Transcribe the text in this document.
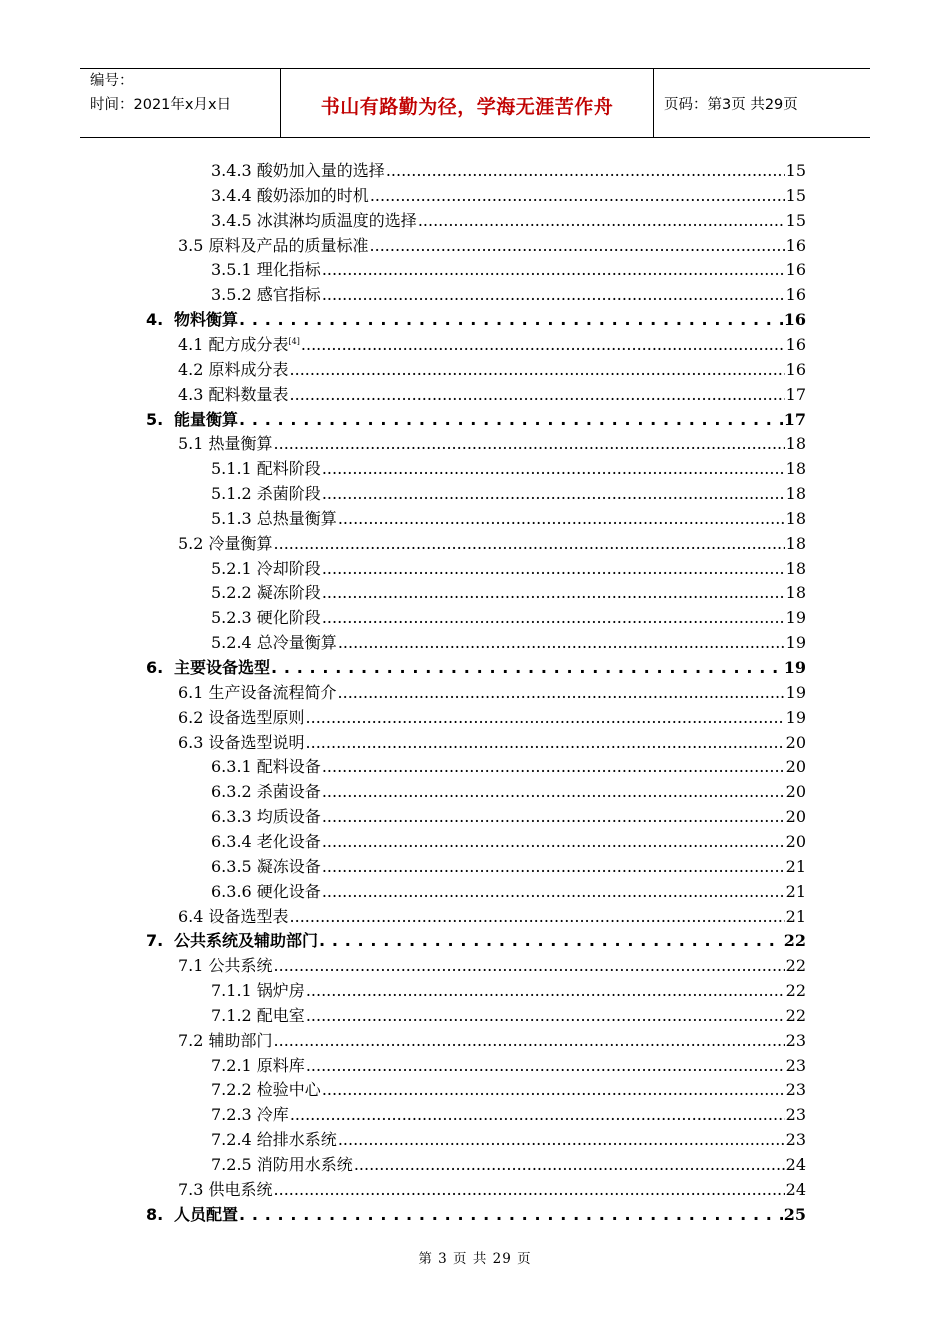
编号：
时间：2021年x月x日	书山有路勤为径，学海无涯苦作舟	页码：第3页 共29页
3.4.3 酸奶加入量的选择 .....	15
3.4.4 酸奶添加的时机 .....	15
3.4.5 冰淇淋均质温度的选择 .....	15
3.5 原料及产品的质量标准 .....	16
3.5.1 理化指标 .....	16
3.5.2 感官指标 .....	16
4. 物料衡算 . . .	16
4.1 配方成分表[4] .....	16
4.2 原料成分表 .....	16
4.3 配料数量表 .....	17
5. 能量衡算 . . .	17
5.1 热量衡算 .....	18
5.1.1 配料阶段 .....	18
5.1.2 杀菌阶段 .....	18
5.1.3 总热量衡算 .....	18
5.2 冷量衡算 .....	18
5.2.1 冷却阶段 .....	18
5.2.2 凝冻阶段 .....	18
5.2.3 硬化阶段 .....	19
5.2.4 总冷量衡算 .....	19
6. 主要设备选型 . . .	19
6.1 生产设备流程简介 .....	19
6.2 设备选型原则 .....	19
6.3 设备选型说明 .....	20
6.3.1 配料设备 .....	20
6.3.2 杀菌设备 .....	20
6.3.3 均质设备 .....	20
6.3.4 老化设备 .....	20
6.3.5 凝冻设备 .....	21
6.3.6 硬化设备 .....	21
6.4 设备选型表 .....	21
7. 公共系统及辅助部门 . . .	22
7.1 公共系统 .....	22
7.1.1 锅炉房 .....	22
7.1.2 配电室 .....	22
7.2 辅助部门 .....	23
7.2.1 原料库 .....	23
7.2.2 检验中心 .....	23
7.2.3 冷库 .....	23
7.2.4 给排水系统 .....	23
7.2.5 消防用水系统 .....	24
7.3 供电系统 .....	24
8. 人员配置 . . .	25
第 3 页 共 29 页
